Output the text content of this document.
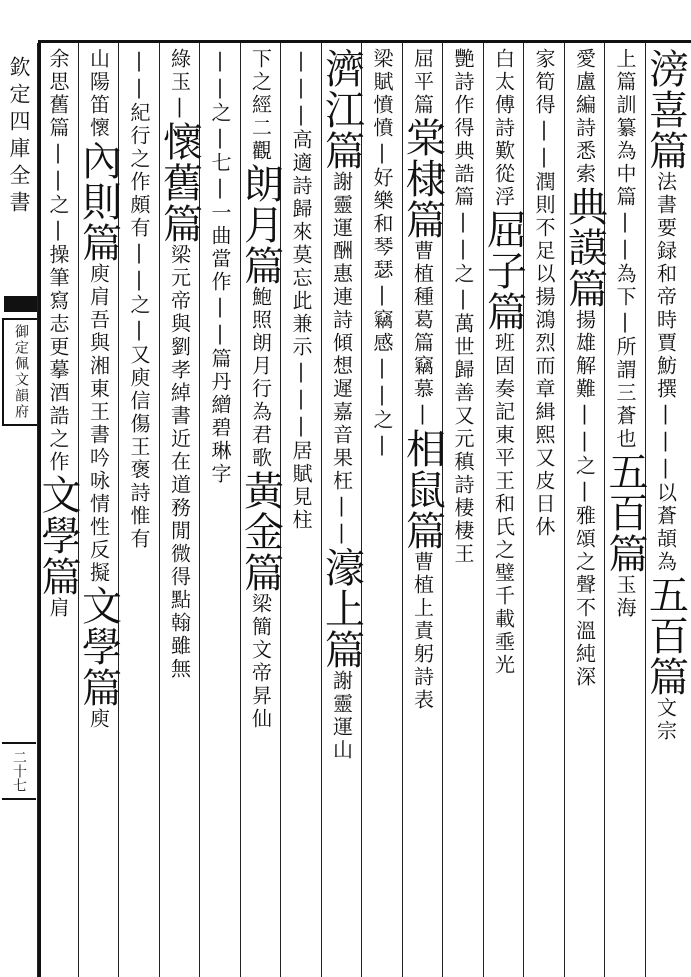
欽定四庫全書
御定佩文韻府
二十七
滂喜篇法書要録和帝時賈魴撰|||以蒼頡為五百篇文宗
上篇訓纂為中篇||為下|所謂三蒼也五百篇玉海
愛盧編詩悉索典謨篇揚雄解難||之|雅頌之聲不溫純深
家筍得||潤則不足以揚鴻烈而章緝熙又皮日休
白太傅詩歎從浮屈子篇班固奏記東平王和氏之璧千載埀光
艷詩作得典誥篇||之|萬世歸善又元稹詩棲棲王
屈平篇棠棣篇曹植種葛篇竊慕|相鼠篇曹植上責躬詩表
梁賦憤憤|好樂和琴瑟|竊感||之|
濟江篇謝靈運酬惠連詩傾想遲嘉音果枉||濠上篇謝靈運山
|||高適詩歸來莫忘此兼示|||居賦見柱
下之經二觀朗月篇鮑照朗月行為君歌黃金篇梁簡文帝昇仙
||之|七|一曲當作||篇丹繒碧琳字
綠玉|懷舊篇梁元帝與劉孝綽書近在道務閒微得點翰雖無
||紀行之作頗有||之|又庾信傷王褒詩惟有
山陽笛懷內則篇庾肩吾與湘東王書吟咏情性反擬文學篇庾
余思舊篇||之|操筆寫志更摹酒誥之作文學篇肩
